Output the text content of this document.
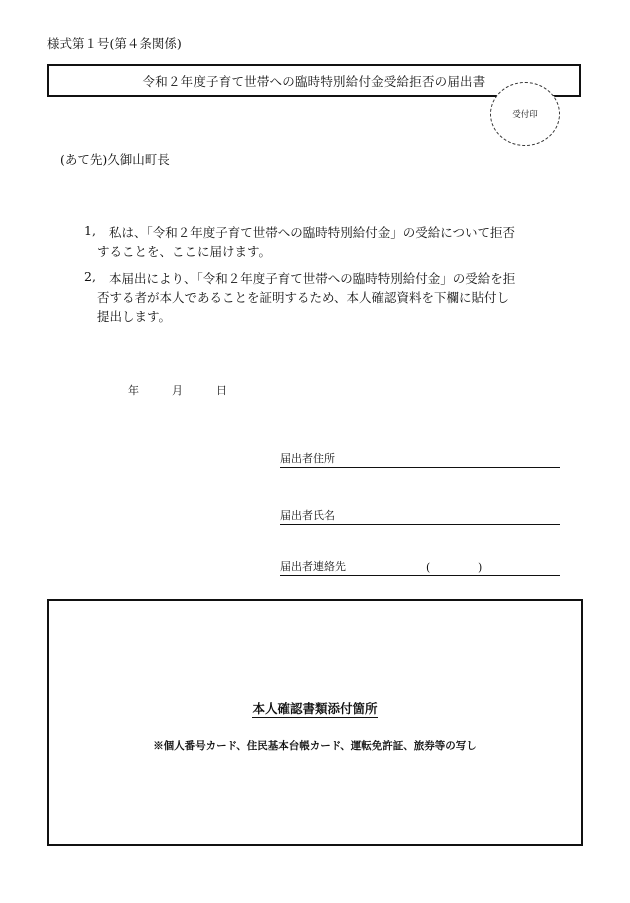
様式第１号(第４条関係)
令和２年度子育て世帯への臨時特別給付金受給拒否の届出書
受付印
(あて先)久御山町長
1, 私は、「令和２年度子育て世帯への臨時特別給付金」の受給について拒否
することを、ここに届けます。
2, 本届出により、「令和２年度子育て世帯への臨時特別給付金」の受給を拒
否する者が本人であることを証明するため、本人確認資料を下欄に貼付し
提出します。
年	月	日
届出者住所
届出者氏名
届出者連絡先	(	)
本人確認書類添付箇所
※個人番号カード、住民基本台帳カード、運転免許証、旅券等の写し
